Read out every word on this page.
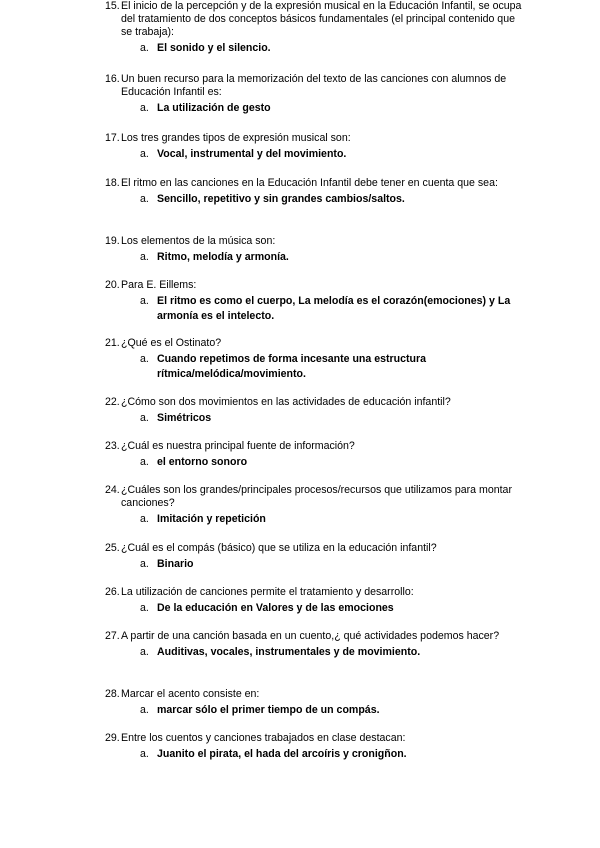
15. El inicio de la percepción y de la expresión musical en la Educación Infantil, se ocupa del tratamiento de dos conceptos básicos fundamentales (el principal contenido que se trabaja):
a. El sonido y el silencio.
16. Un buen recurso para la memorización del texto de las canciones con alumnos de Educación Infantil es:
a. La utilización de gesto
17. Los tres grandes tipos de expresión musical son:
a. Vocal, instrumental y del movimiento.
18. El ritmo en las canciones en la Educación Infantil debe tener en cuenta que sea:
a. Sencillo, repetitivo y sin grandes cambios/saltos.
19. Los elementos de la música son:
a. Ritmo, melodía y armonía.
20. Para E. Eillems:
a. El ritmo es como el cuerpo, La melodía es el corazón(emociones) y La armonía es el intelecto.
21. ¿Qué es el Ostinato?
a. Cuando repetimos de forma incesante una estructura rítmica/melódica/movimiento.
22. ¿Cómo son dos movimientos en las actividades de educación infantil?
a. Simétricos
23. ¿Cuál es nuestra principal fuente de información?
a. el entorno sonoro
24. ¿Cuáles son los grandes/principales procesos/recursos que utilizamos para montar canciones?
a. Imitación y repetición
25. ¿Cuál es el compás (básico) que se utiliza en la educación infantil?
a. Binario
26. La utilización de canciones permite el tratamiento y desarrollo:
a. De la educación en Valores y de las emociones
27. A partir de una canción basada en un cuento,¿ qué actividades podemos hacer?
a. Auditivas, vocales, instrumentales y de movimiento.
28. Marcar el acento consiste en:
a. marcar sólo el primer tiempo de un compás.
29. Entre los cuentos y canciones trabajados en clase destacan:
a. Juanito el pirata, el hada del arcoíris y cronigñon.
